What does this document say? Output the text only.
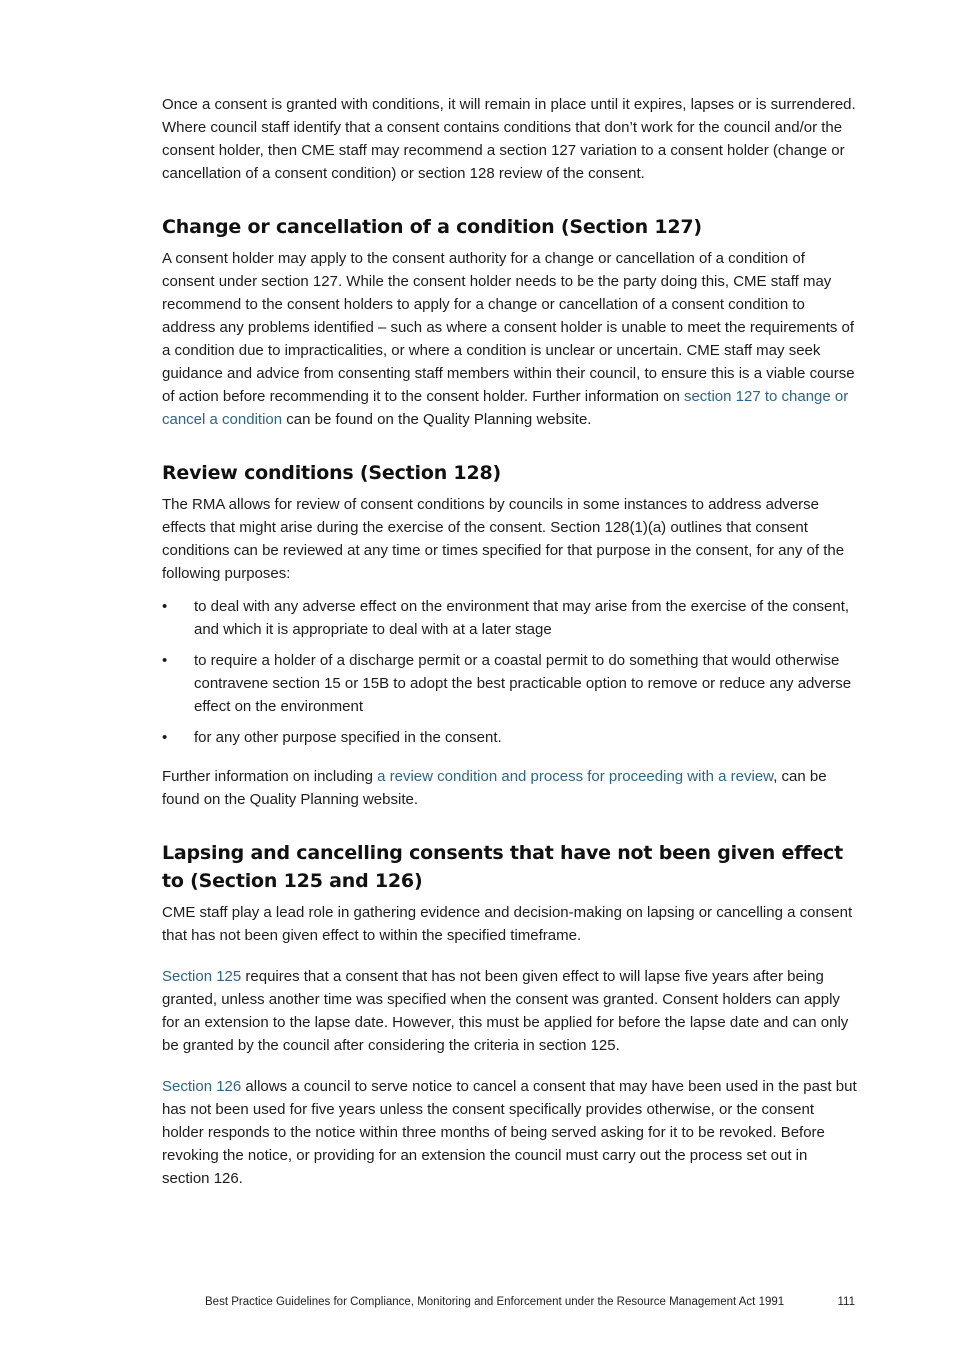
Once a consent is granted with conditions, it will remain in place until it expires, lapses or is surrendered. Where council staff identify that a consent contains conditions that don’t work for the council and/or the consent holder, then CME staff may recommend a section 127 variation to a consent holder (change or cancellation of a consent condition) or section 128 review of the consent.

Change or cancellation of a condition (Section 127)

A consent holder may apply to the consent authority for a change or cancellation of a condition of consent under section 127. While the consent holder needs to be the party doing this, CME staff may recommend to the consent holders to apply for a change or cancellation of a consent condition to address any problems identified – such as where a consent holder is unable to meet the requirements of a condition due to impracticalities, or where a condition is unclear or uncertain. CME staff may seek guidance and advice from consenting staff members within their council, to ensure this is a viable course of action before recommending it to the consent holder. Further information on section 127 to change or cancel a condition can be found on the Quality Planning website.

Review conditions (Section 128)

The RMA allows for review of consent conditions by councils in some instances to address adverse effects that might arise during the exercise of the consent. Section 128(1)(a) outlines that consent conditions can be reviewed at any time or times specified for that purpose in the consent, for any of the following purposes:

• to deal with any adverse effect on the environment that may arise from the exercise of the consent, and which it is appropriate to deal with at a later stage
• to require a holder of a discharge permit or a coastal permit to do something that would otherwise contravene section 15 or 15B to adopt the best practicable option to remove or reduce any adverse effect on the environment
• for any other purpose specified in the consent.

Further information on including a review condition and process for proceeding with a review, can be found on the Quality Planning website.

Lapsing and cancelling consents that have not been given effect to (Section 125 and 126)

CME staff play a lead role in gathering evidence and decision-making on lapsing or cancelling a consent that has not been given effect to within the specified timeframe.

Section 125 requires that a consent that has not been given effect to will lapse five years after being granted, unless another time was specified when the consent was granted. Consent holders can apply for an extension to the lapse date. However, this must be applied for before the lapse date and can only be granted by the council after considering the criteria in section 125.

Section 126 allows a council to serve notice to cancel a consent that may have been used in the past but has not been used for five years unless the consent specifically provides otherwise, or the consent holder responds to the notice within three months of being served asking for it to be revoked. Before revoking the notice, or providing for an extension the council must carry out the process set out in section 126.

Best Practice Guidelines for Compliance, Monitoring and Enforcement under the Resource Management Act 1991	111
